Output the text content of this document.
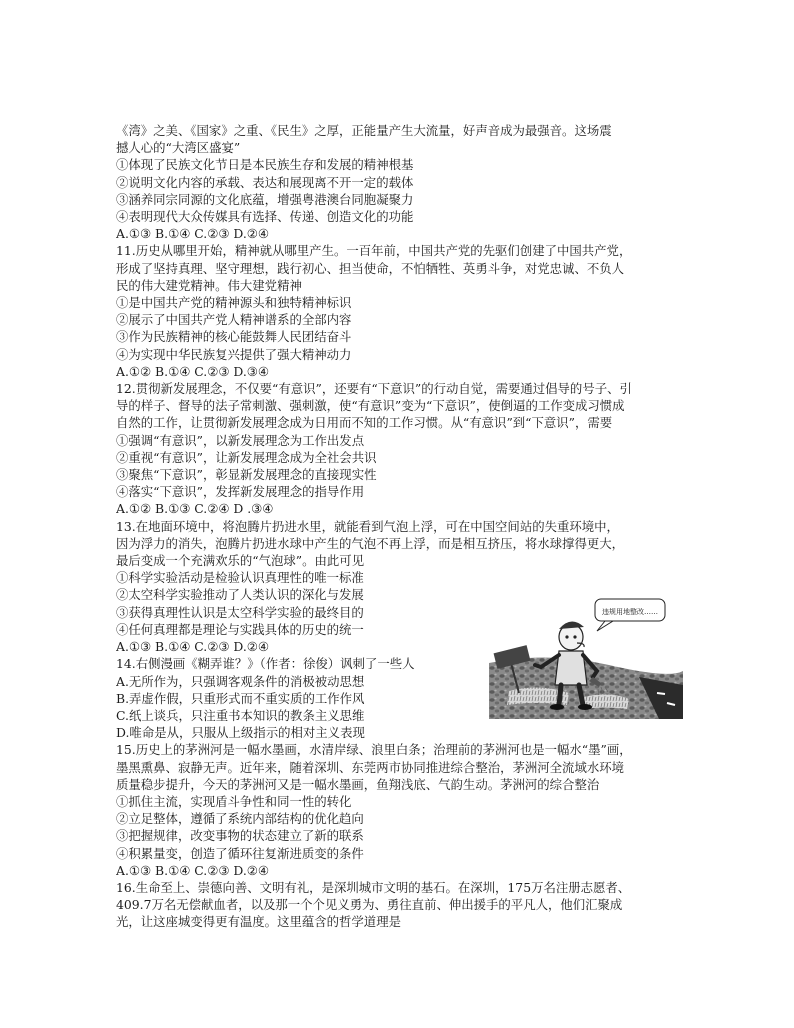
《湾》之美、《国家》之重、《民生》之厚，正能量产生大流量，好声音成为最强音。这场震
撼人心的“大湾区盛宴”
①体现了民族文化节日是本民族生存和发展的精神根基
②说明文化内容的承载、表达和展现离不开一定的载体
③涵养同宗同源的文化底蕴，增强粤港澳台同胞凝聚力
④表明现代大众传媒具有选择、传递、创造文化的功能
A.①③ B.①④ C.②③ D.②④
11.历史从哪里开始，精神就从哪里产生。一百年前，中国共产党的先驱们创建了中国共产党，
形成了坚持真理、坚守理想，践行初心、担当使命，不怕牺牲、英勇斗争，对党忠诚、不负人
民的伟大建党精神。伟大建党精神
①是中国共产党的精神源头和独特精神标识
②展示了中国共产党人精神谱系的全部内容
③作为民族精神的核心能鼓舞人民团结奋斗
④为实现中华民族复兴提供了强大精神动力
A.①② B.①④ C.②③ D.③④
12.贯彻新发展理念，不仅要“有意识”，还要有“下意识”的行动自觉，需要通过倡导的号子、引
导的样子、督导的法子常刺激、强刺激，使“有意识”变为“下意识”，使倒逼的工作变成习惯成
自然的工作，让贯彻新发展理念成为日用而不知的工作习惯。从“有意识”到“下意识”，需要
①强调“有意识”，以新发展理念为工作出发点
②重视“有意识”，让新发展理念成为全社会共识
③聚焦“下意识”，彰显新发展理念的直接现实性
④落实“下意识”，发挥新发展理念的指导作用
A.①② B.①③ C.②④ D .③④
13.在地面环境中，将泡腾片扔进水里，就能看到气泡上浮，可在中国空间站的失重环境中，
因为浮力的消失，泡腾片扔进水球中产生的气泡不再上浮，而是相互挤压，将水球撑得更大，
最后变成一个充满欢乐的“气泡球”。由此可见
①科学实验活动是检验认识真理性的唯一标准
②太空科学实验推动了人类认识的深化与发展
③获得真理性认识是太空科学实验的最终目的
④任何真理都是理论与实践具体的历史的统一
A.①③ B.①④ C.②③ D.②④
14.右侧漫画《糊弄谁？》（作者：徐俊）讽刺了一些人
A.无所作为，只强调客观条件的消极被动思想
B.弄虚作假，只重形式而不重实质的工作作风
C.纸上谈兵，只注重书本知识的教条主义思维
D.唯命是从，只服从上级指示的相对主义表现
15.历史上的茅洲河是一幅水墨画，水清岸绿、浪里白条；治理前的茅洲河也是一幅水“墨”画，
墨黑熏鼻、寂静无声。近年来，随着深圳、东莞两市协同推进综合整治，茅洲河全流域水环境
质量稳步提升，今天的茅洲河又是一幅水墨画，鱼翔浅底、气韵生动。茅洲河的综合整治
①抓住主流，实现盾斗争性和同一性的转化
②立足整体，遵循了系统内部结构的优化趋向
③把握规律，改变事物的状态建立了新的联系
④积累量变，创造了循环往复渐进质变的条件
A.①③ B.①④ C.②③ D.②④
16.生命至上、崇德向善、文明有礼，是深圳城市文明的基石。在深圳，175万名注册志愿者、
409.7万名无偿献血者，以及那一个个见义勇为、勇往直前、伸出援手的平凡人，他们汇聚成
光，让这座城变得更有温度。这里蕴含的哲学道理是
违规用地整改……
